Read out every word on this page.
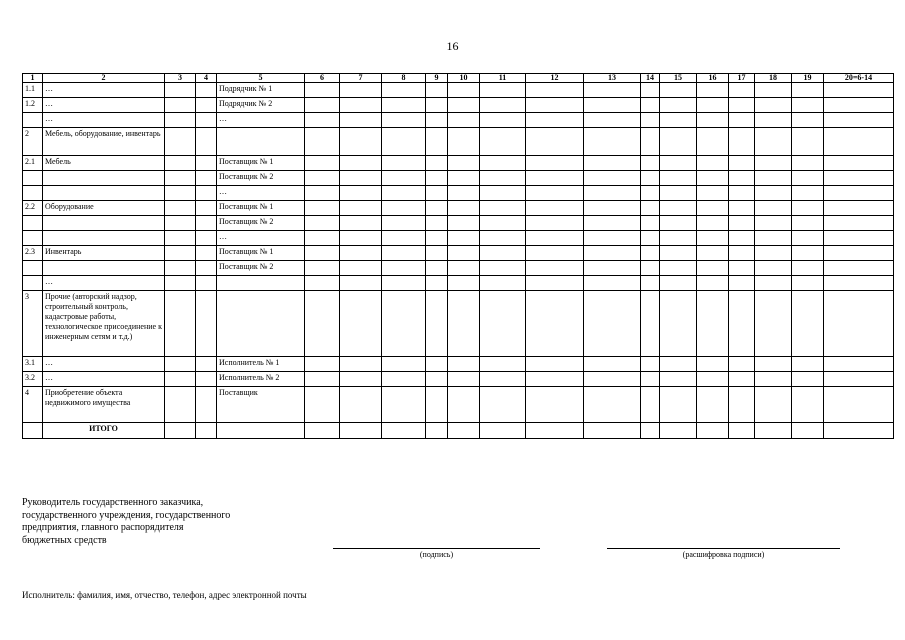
16
1	2	3	4	5	6	7	8	9	10	11	12	13	14	15	16	17	18	19	20=6-14
1.1	…			Подрядчик № 1															
1.2	…			Подрядчик № 2															
	…			…															
2	Мебель, оборудование, инвентарь																		
2.1	Мебель			Поставщик № 1															
				Поставщик № 2															
				…															
2.2	Оборудование			Поставщик № 1															
				Поставщик № 2															
				…															
2.3	Инвентарь			Поставщик № 1															
				Поставщик № 2															
	…																		
3	Прочие (авторский надзор, строительный контроль, кадастровые работы, технологическое присоединение к инженерным сетям и т.д.)																		
3.1	…			Исполнитель № 1															
3.2	…			Исполнитель № 2															
4	Приобретение объекта недвижимого имущества			Поставщик															
	ИТОГО																		
Руководитель государственного заказчика,
государственного учреждения, государственного
предприятия, главного распорядителя
бюджетных средств
(подпись)	(расшифровка подписи)
Исполнитель: фамилия, имя, отчество, телефон, адрес электронной почты
